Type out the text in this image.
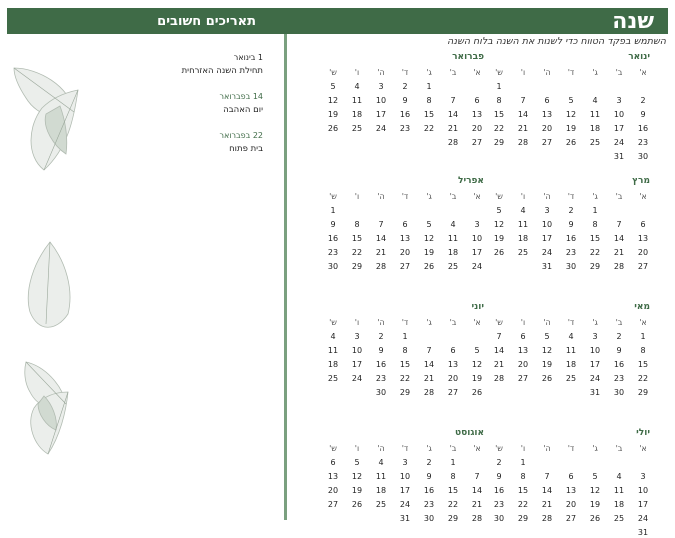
שנה
תאריכים חשובים
השתמש בפקד הטווח כדי לשנות את השנה בלוח השנה
1 בינואר
תחילת השנה האזרחית
14 בפברואר
יום האהבה
22 בפברואר
בית פתוח
ינואר
א'
ב'
ג'
ד'
ה'
ו'
ש'
1
2
3
4
5
6
7
8
9
10
11
12
13
14
15
16
17
18
19
20
21
22
23
24
25
26
27
28
29
30
31
פברואר
א'
ב'
ג'
ד'
ה'
ו'
ש'
1
2
3
4
5
6
7
8
9
10
11
12
13
14
15
16
17
18
19
20
21
22
23
24
25
26
27
28
מרץ
א'
ב'
ג'
ד'
ה'
ו'
ש'
1
2
3
4
5
6
7
8
9
10
11
12
13
14
15
16
17
18
19
20
21
22
23
24
25
26
27
28
29
30
31
אפריל
א'
ב'
ג'
ד'
ה'
ו'
ש'
1
3
4
5
6
7
8
9
10
11
12
13
14
15
16
17
18
19
20
21
22
23
24
25
26
27
28
29
30
מאי
א'
ב'
ג'
ד'
ה'
ו'
ש'
1
2
3
4
5
6
7
8
9
10
11
12
13
14
15
16
17
18
19
20
21
22
23
24
25
26
27
28
29
30
31
יוני
א'
ב'
ג'
ד'
ה'
ו'
ש'
1
2
3
4
5
6
7
8
9
10
11
12
13
14
15
16
17
18
19
20
21
22
23
24
25
26
27
28
29
30
יולי
א'
ב'
ג'
ד'
ה'
ו'
ש'
1
2
3
4
5
6
7
8
9
10
11
12
13
14
15
16
17
18
19
20
21
22
23
24
25
26
27
28
29
30
31
אוגוסט
א'
ב'
ג'
ד'
ה'
ו'
ש'
1
2
3
4
5
6
7
8
9
10
11
12
13
14
15
16
17
18
19
20
21
22
23
24
25
26
27
28
29
30
31
